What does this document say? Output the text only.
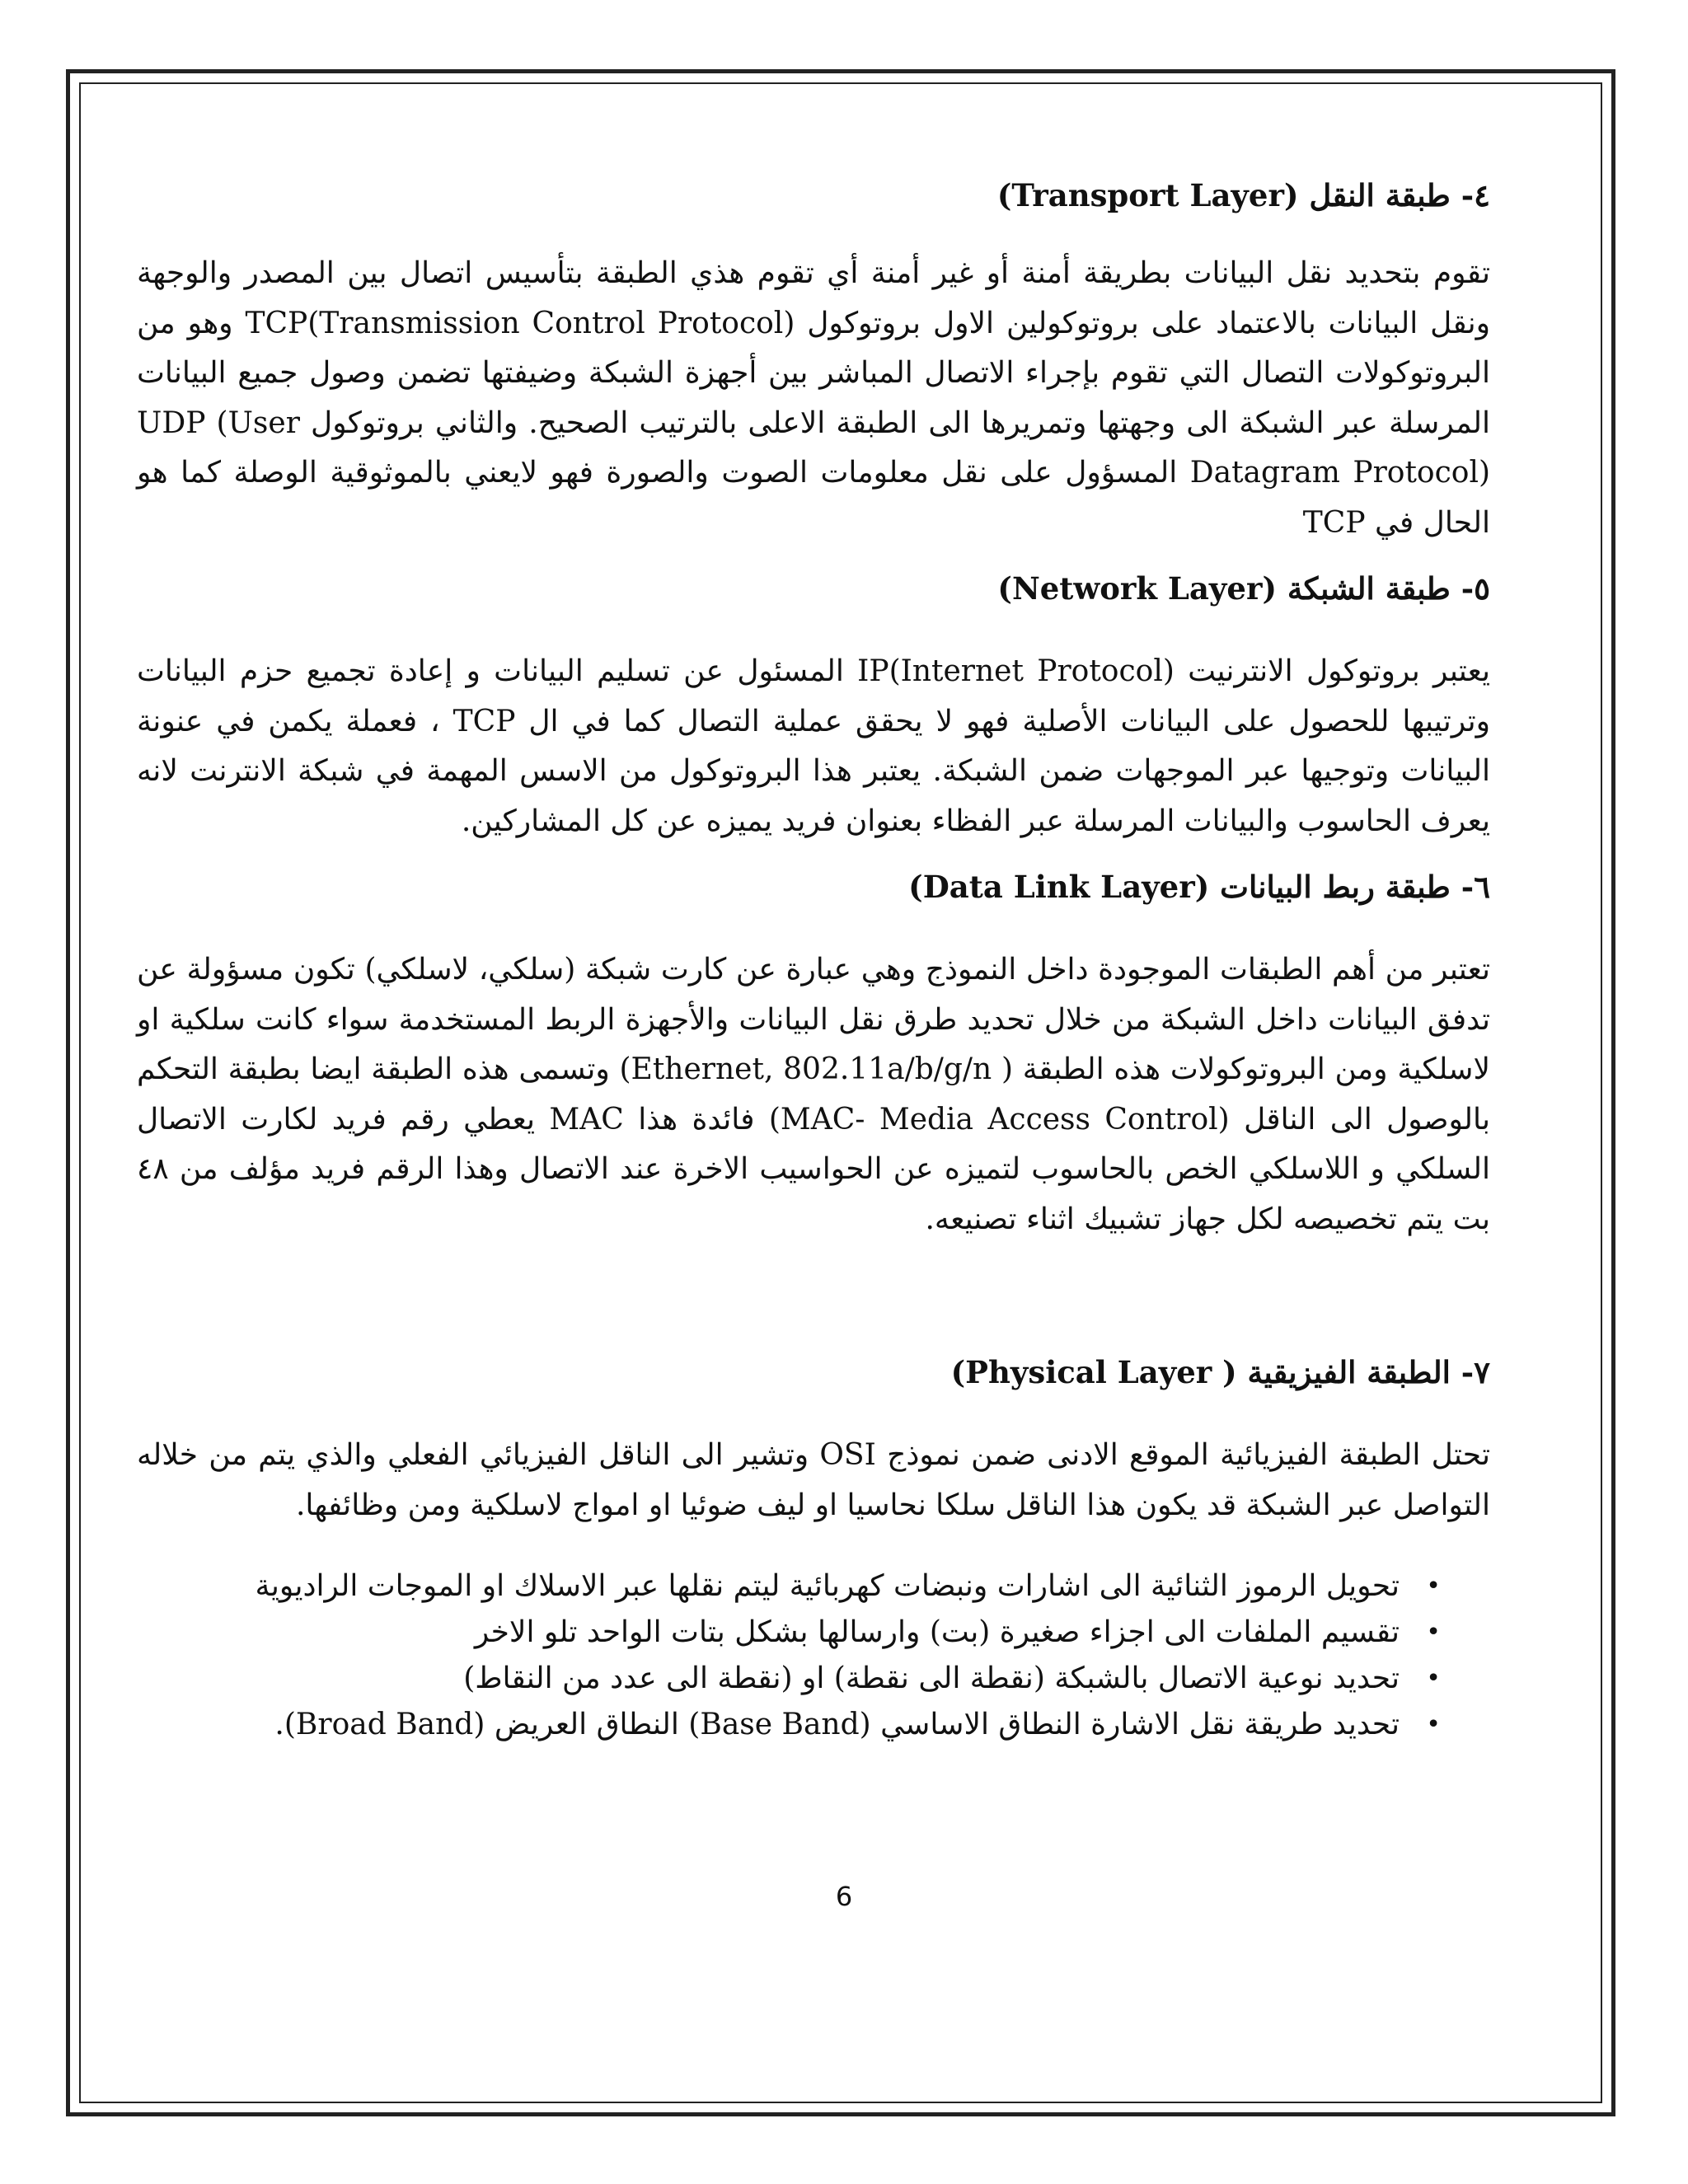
٤- طبقة النقل (Transport Layer)

تقوم بتحديد نقل البيانات بطريقة أمنة أو غير أمنة أي تقوم هذي الطبقة بتأسيس اتصال بين المصدر والوجهة ونقل البيانات بالاعتماد على بروتوكولين الاول بروتوكول TCP(Transmission Control Protocol) وهو من البروتوكولات التصال التي تقوم بإجراء الاتصال المباشر بين أجهزة الشبكة وضيفتها تضمن وصول جميع البيانات المرسلة عبر الشبكة الى وجهتها وتمريرها الى الطبقة الاعلى بالترتيب الصحيح. والثاني بروتوكول UDP (User Datagram Protocol) المسؤول على نقل معلومات الصوت والصورة فهو لايعني بالموثوقية الوصلة كما هو الحال في TCP

٥- طبقة الشبكة (Network Layer)

يعتبر بروتوكول الانترنيت IP(Internet Protocol) المسئول عن تسليم البيانات و إعادة تجميع حزم البيانات وترتيبها للحصول على البيانات الأصلية فهو لا يحقق عملية التصال كما في ال TCP ، فعملة يكمن في عنونة البيانات وتوجيها عبر الموجهات ضمن الشبكة. يعتبر هذا البروتوكول من الاسس المهمة في شبكة الانترنت لانه يعرف الحاسوب والبيانات المرسلة عبر الفظاء بعنوان فريد يميزه عن كل المشاركين.

٦- طبقة ربط البيانات (Data Link Layer)

تعتبر من أهم الطبقات الموجودة داخل النموذج وهي عبارة عن كارت شبكة (سلكي، لاسلكي) تكون مسؤولة عن تدفق البيانات داخل الشبكة من خلال تحديد طرق نقل البيانات والأجهزة الربط المستخدمة سواء كانت سلكية او لاسلكية ومن البروتوكولات هذه الطبقة ( Ethernet, 802.11a/b/g/n) وتسمى هذه الطبقة ايضا بطبقة التحكم بالوصول الى الناقل (MAC- Media Access Control) فائدة هذا MAC يعطي رقم فريد لكارت الاتصال السلكي و اللاسلكي الخص بالحاسوب لتميزه عن الحواسيب الاخرة عند الاتصال وهذا الرقم فريد مؤلف من ٤٨ بت يتم تخصيصه لكل جهاز تشبيك اثناء تصنيعه.

٧- الطبقة الفيزيقية ( Physical Layer)

تحتل الطبقة الفيزيائية الموقع الادنى ضمن نموذج OSI وتشير الى الناقل الفيزيائي الفعلي والذي يتم من خلاله التواصل عبر الشبكة قد يكون هذا الناقل سلكا نحاسيا او ليف ضوئيا او امواج لاسلكية ومن وظائفها.

•
تحويل الرموز الثنائية الى اشارات ونبضات كهربائية ليتم نقلها عبر الاسلاك او الموجات الراديوية
•
تقسيم الملفات الى اجزاء صغيرة (بت) وارسالها بشكل بتات الواحد تلو الاخر
•
تحديد نوعية الاتصال بالشبكة (نقطة الى نقطة) او (نقطة الى عدد من النقاط)
•
تحديد طريقة نقل الاشارة النطاق الاساسي (Base Band) النطاق العريض (Broad Band).
6
